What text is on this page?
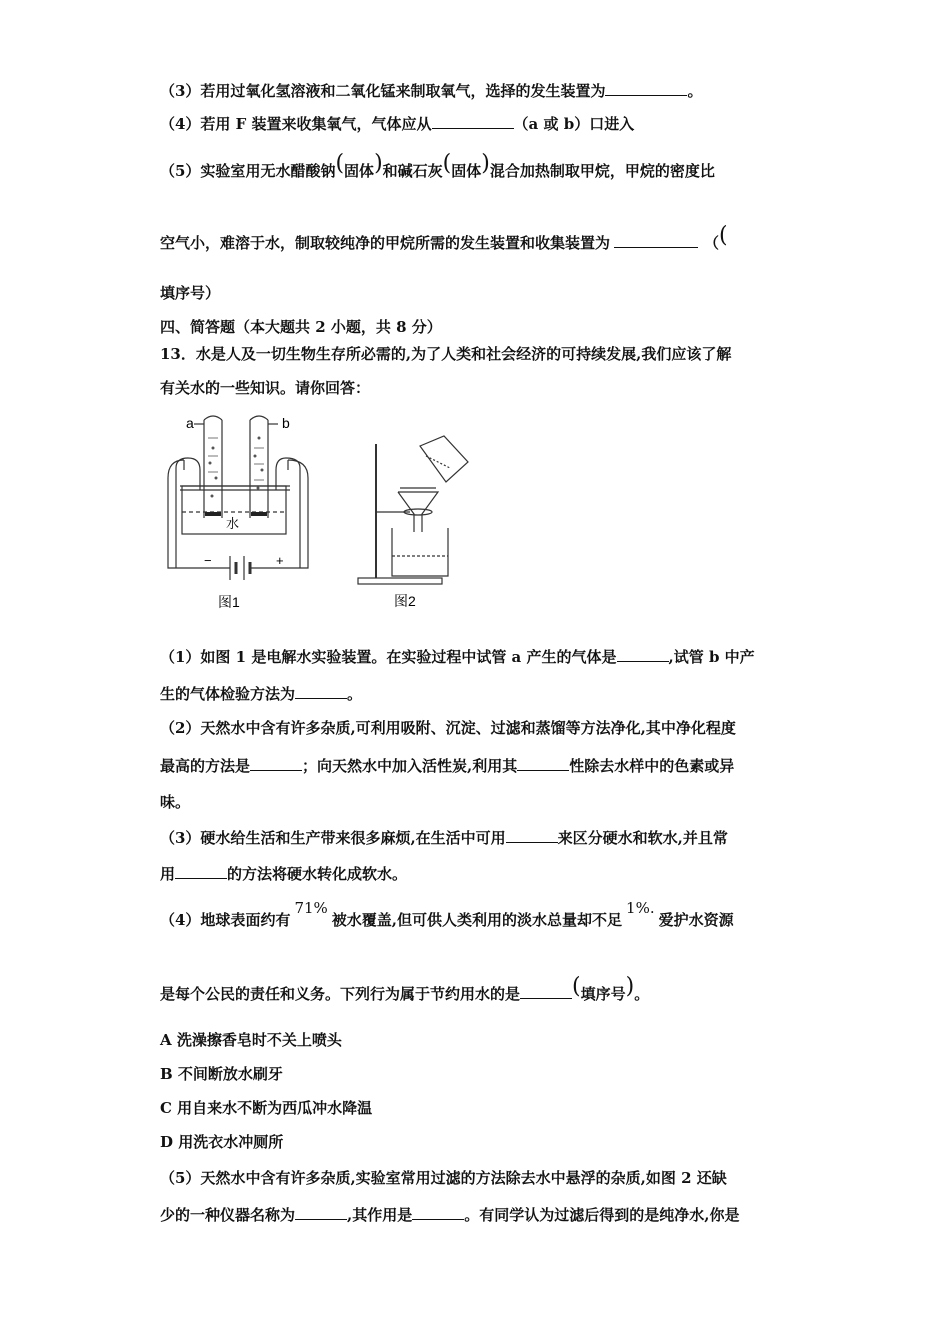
（3）若用过氧化氢溶液和二氧化锰来制取氧气，选择的发生装置为	。
（4）若用 F 装置来收集氧气，气体应从	（a 或 b）口进入
（5）实验室用无水醋酸钠(固体)和碱石灰(固体)混合加热制取甲烷，甲烷的密度比
空气小，难溶于水，制取较纯净的甲烷所需的发生装置和收集装置为	（(
填序号）
四、简答题（本大题共 2 小题，共 8 分）
13．水是人及一切生物生存所必需的,为了人类和社会经济的可持续发展,我们应该了解
有关水的一些知识。请你回答：
a	b
水
−	+
图1	图2
（1）如图 1 是电解水实验装置。在实验过程中试管 a 产生的气体是	,试管 b 中产
生的气体检验方法为	。
（2）天然水中含有许多杂质,可利用吸附、沉淀、过滤和蒸馏等方法净化,其中净化程度
最高的方法是	；向天然水中加入活性炭,利用其	性除去水样中的色素或异
味。
（3）硬水给生活和生产带来很多麻烦,在生活中可用	来区分硬水和软水,并且常
用	的方法将硬水转化成软水。
（4）地球表面约有71%被水覆盖,但可供人类利用的淡水总量却不足1%.爱护水资源
是每个公民的责任和义务。下列行为属于节约用水的是 (填序号)。
A 洗澡擦香皂时不关上喷头
B 不间断放水刷牙
C 用自来水不断为西瓜冲水降温
D 用洗衣水冲厕所
（5）天然水中含有许多杂质,实验室常用过滤的方法除去水中悬浮的杂质,如图 2 还缺
少的一种仪器名称为	,其作用是	。有同学认为过滤后得到的是纯净水,你是
